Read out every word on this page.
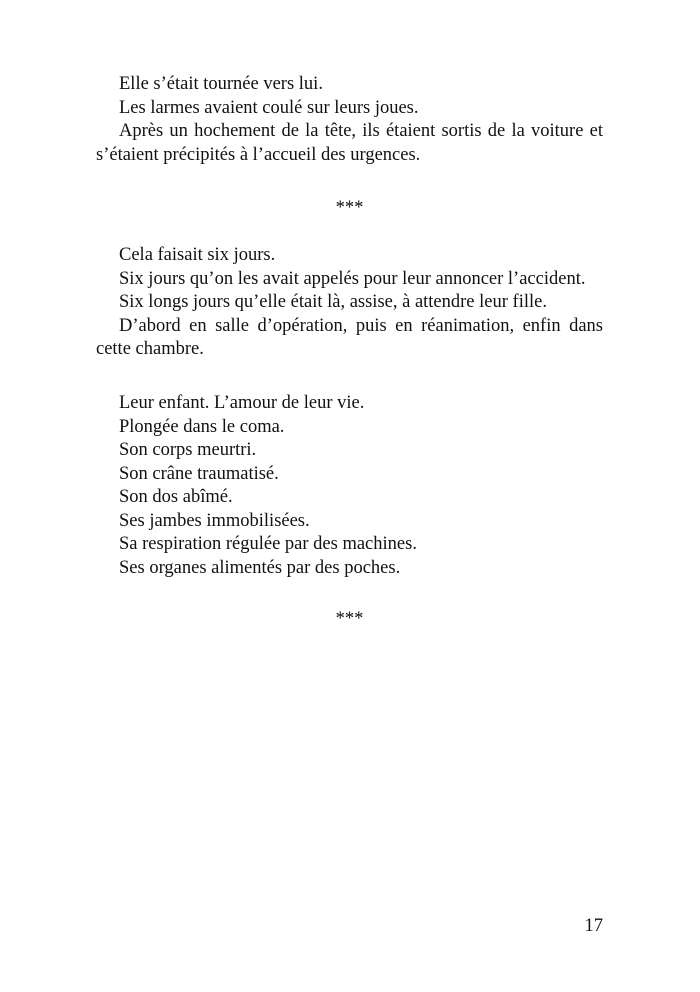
Elle s’était tournée vers lui.

Les larmes avaient coulé sur leurs joues.

Après un hochement de la tête, ils étaient sortis de la voiture et s’étaient précipités à l’accueil des urgences.

***

Cela faisait six jours.

Six jours qu’on les avait appelés pour leur annoncer l’accident.

Six longs jours qu’elle était là, assise, à attendre leur fille.

D’abord en salle d’opération, puis en réanimation, enfin dans cette chambre.

Leur enfant. L’amour de leur vie.

Plongée dans le coma.

Son corps meurtri.

Son crâne traumatisé.

Son dos abîmé.

Ses jambes immobilisées.

Sa respiration régulée par des machines.

Ses organes alimentés par des poches.

***
17
